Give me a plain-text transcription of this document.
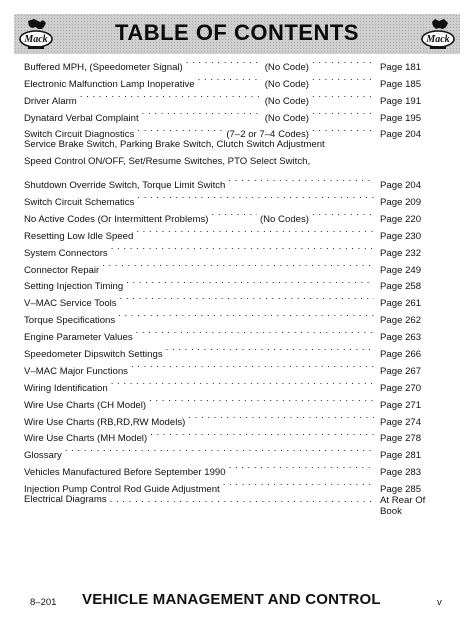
Mack	TABLE OF CONTENTS	Mack
Buffered MPH, (Speedometer Signal) . . .	(No Code) . . .	Page 181
Electronic Malfunction Lamp Inoperative . . .	(No Code) . . .	Page 185
Driver Alarm . . .	(No Code) . . .	Page 191
Dynatard Verbal Complaint . . .	(No Code) . . .	Page 195
Switch Circuit Diagnostics . . .	(7–2 or 7–4 Codes) . . .	Page 204
Service Brake Switch, Parking Brake Switch, Clutch Switch Adjustment
Speed Control ON/OFF, Set/Resume Switches, PTO Select Switch,
Shutdown Override Switch, Torque Limit Switch . . .	Page 204
Switch Circuit Schematics . . .	Page 209
No Active Codes (Or Intermittent Problems) . . .	(No Codes) . . .	Page 220
Resetting Low Idle Speed . . .	Page 230
System Connectors . . .	Page 232
Connector Repair . . .	Page 249
Setting Injection Timing . . .	Page 258
V–MAC Service Tools . . .	Page 261
Torque Specifications . . .	Page 262
Engine Parameter Values . . .	Page 263
Speedometer Dipswitch Settings . . .	Page 266
V–MAC Major Functions . . .	Page 267
Wiring Identification . . .	Page 270
Wire Use Charts (CH Model) . . .	Page 271
Wire Use Charts (RB,RD,RW Models) . . .	Page 274
Wire Use Charts (MH Model) . . .	Page 278
Glossary . . .	Page 281
Vehicles Manufactured Before September 1990 . . .	Page 283
Injection Pump Control Rod Guide Adjustment . . .	Page 285
Electrical Diagrams . . .	At Rear Of Book
8–201 VEHICLE MANAGEMENT AND CONTROL	v
